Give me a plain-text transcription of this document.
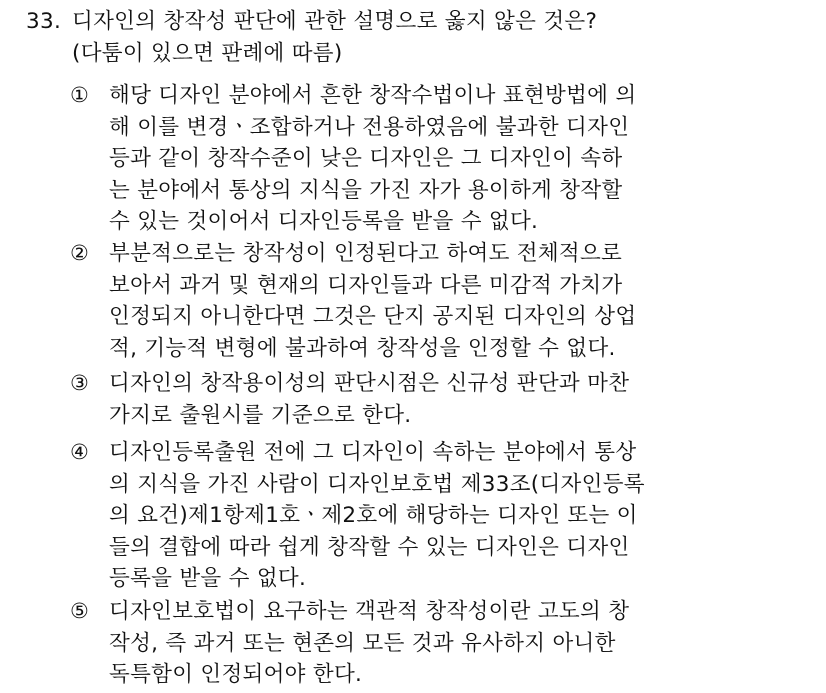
33. 디자인의 창작성 판단에 관한 설명으로 옳지 않은 것은?
(다툼이 있으면 판례에 따름)
① 해당 디자인 분야에서 흔한 창작수법이나 표현방법에 의
해 이를 변경ㆍ조합하거나 전용하였음에 불과한 디자인
등과 같이 창작수준이 낮은 디자인은 그 디자인이 속하
는 분야에서 통상의 지식을 가진 자가 용이하게 창작할
수 있는 것이어서 디자인등록을 받을 수 없다.
② 부분적으로는 창작성이 인정된다고 하여도 전체적으로
보아서 과거 및 현재의 디자인들과 다른 미감적 가치가
인정되지 아니한다면 그것은 단지 공지된 디자인의 상업
적, 기능적 변형에 불과하여 창작성을 인정할 수 없다.
③ 디자인의 창작용이성의 판단시점은 신규성 판단과 마찬
가지로 출원시를 기준으로 한다.
④ 디자인등록출원 전에 그 디자인이 속하는 분야에서 통상
의 지식을 가진 사람이 디자인보호법 제33조(디자인등록
의 요건)제1항제1호ㆍ제2호에 해당하는 디자인 또는 이
들의 결합에 따라 쉽게 창작할 수 있는 디자인은 디자인
등록을 받을 수 없다.
⑤ 디자인보호법이 요구하는 객관적 창작성이란 고도의 창
작성, 즉 과거 또는 현존의 모든 것과 유사하지 아니한
독특함이 인정되어야 한다.
